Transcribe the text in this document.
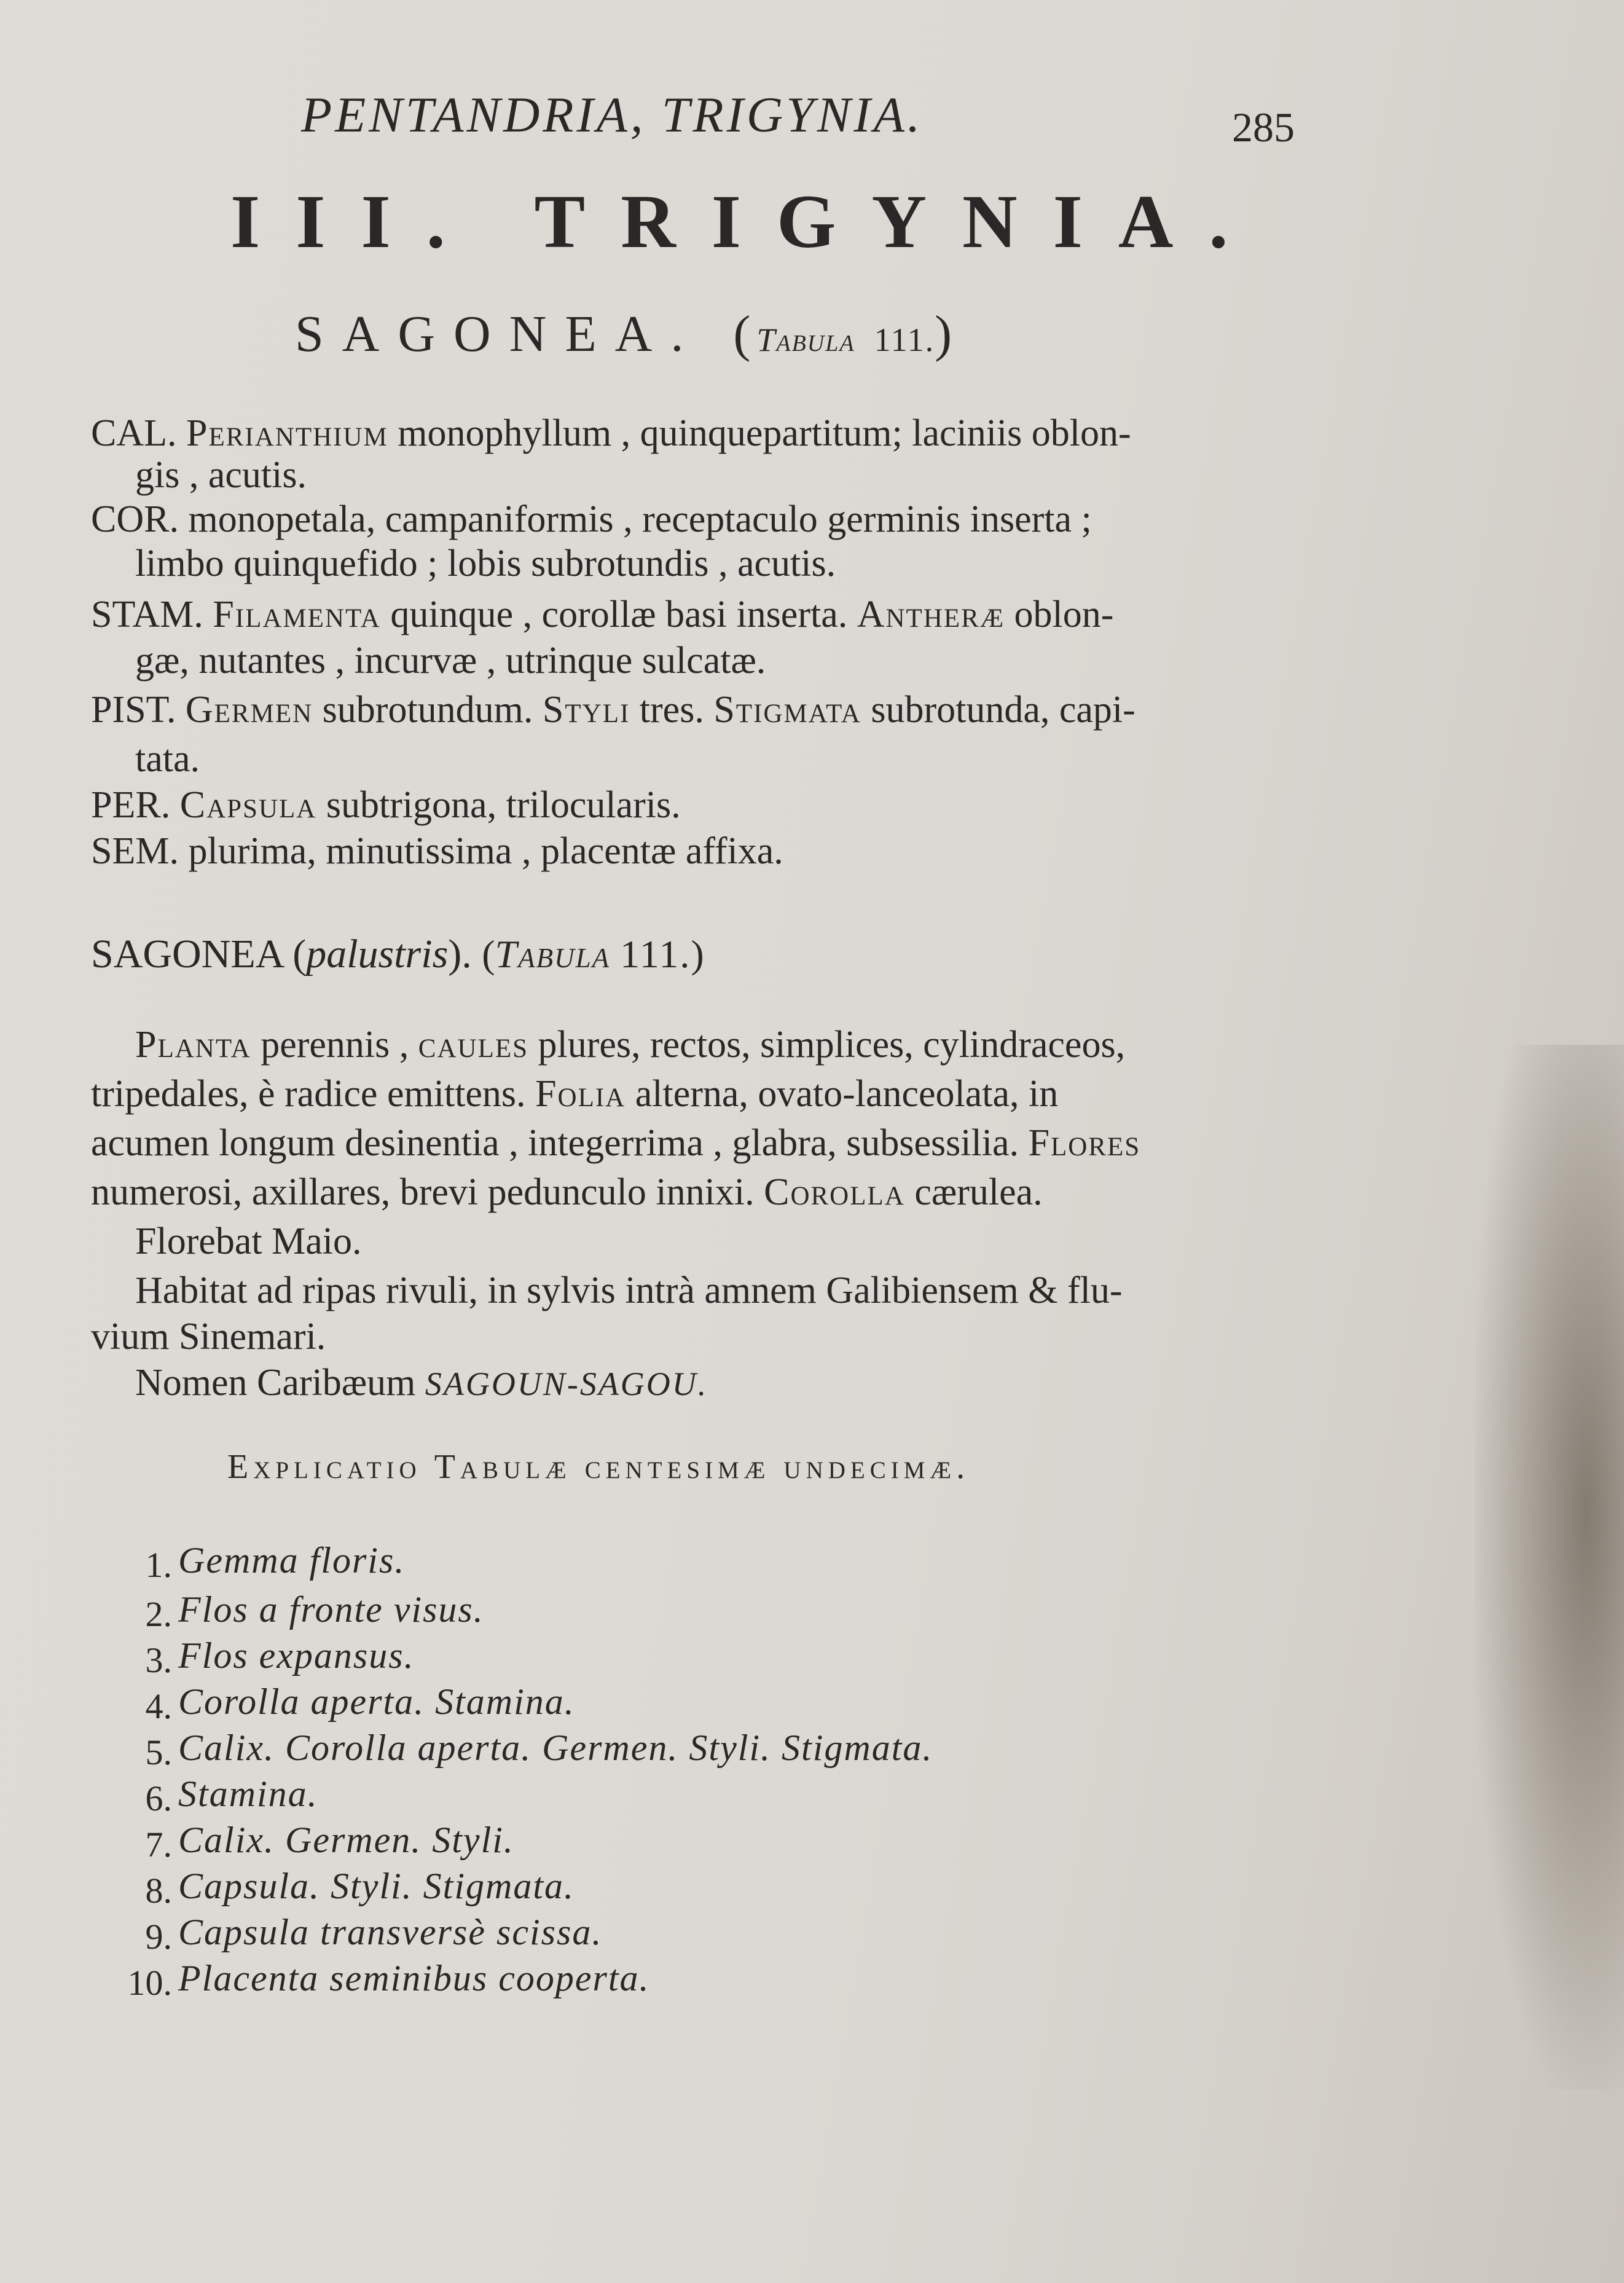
PENTANDRIA, TRIGYNIA.	285
III. TRIGYNIA.
SAGONEA. (Tabula 111.)
CAL. Perianthium monophyllum , quinquepartitum; laciniis oblon-
gis , acutis.
COR. monopetala, campaniformis , receptaculo germinis inserta ;
limbo quinquefido ; lobis subrotundis , acutis.
STAM. Filamenta quinque , corollæ basi inserta. Antheræ oblon-
gæ, nutantes , incurvæ , utrinque sulcatæ.
PIST. Germen subrotundum. Styli tres. Stigmata subrotunda, capi-
tata.
PER. Capsula subtrigona, trilocularis.
SEM. plurima, minutissima , placentæ affixa.
SAGONEA (palustris). (Tabula 111.)
Planta perennis , caules plures, rectos, simplices, cylindraceos,
tripedales, è radice emittens. Folia alterna, ovato-lanceolata, in
acumen longum desinentia , integerrima , glabra, subsessilia. Flores
numerosi, axillares, brevi pedunculo innixi. Corolla cærulea.
Florebat Maio.
Habitat ad ripas rivuli, in sylvis intrà amnem Galibiensem & flu-
vium Sinemari.
Nomen Caribæum SAGOUN-SAGOU.
Explicatio Tabulæ centesimæ undecimæ.
1. Gemma floris.
2. Flos a fronte visus.
3. Flos expansus.
4. Corolla aperta. Stamina.
5. Calix. Corolla aperta. Germen. Styli. Stigmata.
6. Stamina.
7. Calix. Germen. Styli.
8. Capsula. Styli. Stigmata.
9. Capsula transversè scissa.
10. Placenta seminibus cooperta.
